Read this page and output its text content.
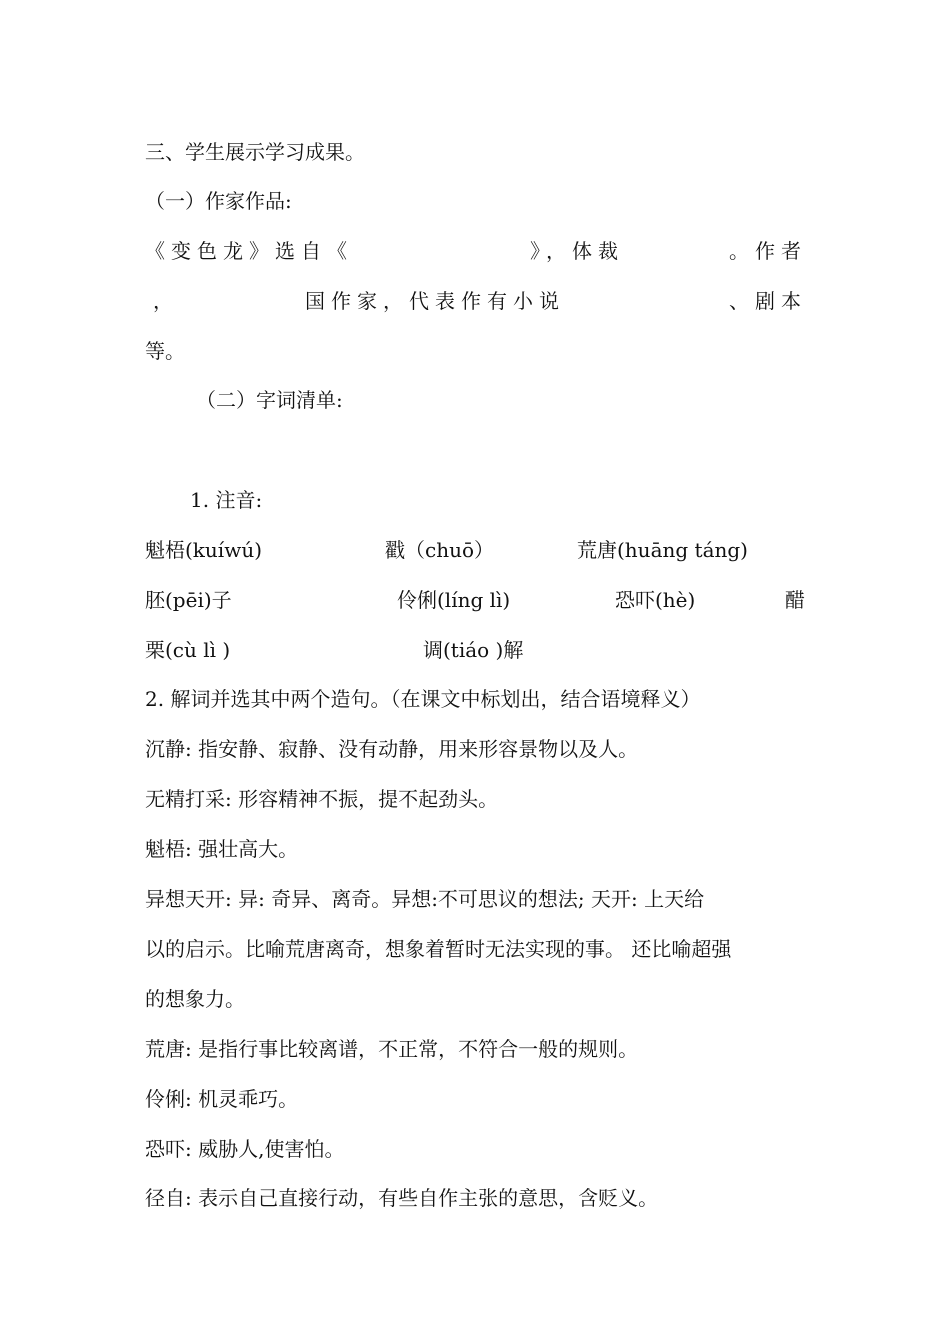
三、学生展示学习成果。
（一）作家作品:
《变色龙》选自《	》，体裁	。作者
，	国作家，代表作有小说	、剧本
等。
（二）字词清单:
1. 注音:
魁梧(kuíwú)	戳（chuō）	荒唐(huāng táng)
胚(pēi)子	伶俐(líng lì)	恐吓(hè)	醋
栗(cù lì )	调(tiáo )解
2. 解词并选其中两个造句。（在课文中标划出，结合语境释义）
沉静: 指安静、寂静、没有动静，用来形容景物以及人。
无精打采: 形容精神不振，提不起劲头。
魁梧: 强壮高大。
异想天开: 异: 奇异、离奇。异想:不可思议的想法; 天开: 上天给
以的启示。比喻荒唐离奇，想象着暂时无法实现的事。 还比喻超强
的想象力。
荒唐: 是指行事比较离谱，不正常，不符合一般的规则。
伶俐: 机灵乖巧。
恐吓: 威胁人,使害怕。
径自: 表示自己直接行动，有些自作主张的意思，含贬义。
